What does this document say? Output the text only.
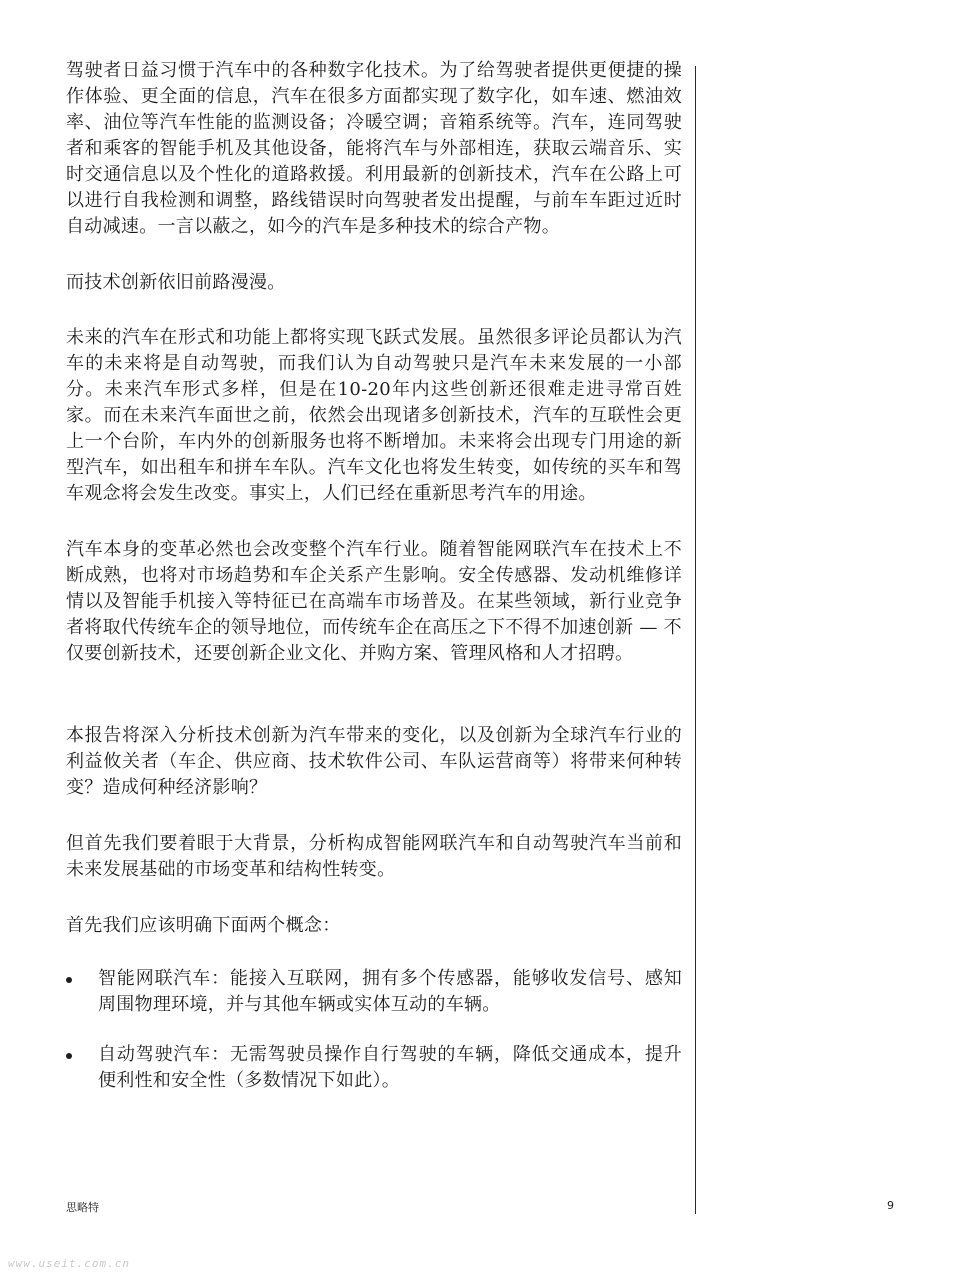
驾驶者日益习惯于汽车中的各种数字化技术。为了给驾驶者提供更便捷的操作体验、更全面的信息，汽车在很多方面都实现了数字化，如车速、燃油效率、油位等汽车性能的监测设备；冷暖空调；音箱系统等。汽车，连同驾驶者和乘客的智能手机及其他设备，能将汽车与外部相连，获取云端音乐、实时交通信息以及个性化的道路救援。利用最新的创新技术，汽车在公路上可以进行自我检测和调整，路线错误时向驾驶者发出提醒，与前车车距过近时自动减速。一言以蔽之，如今的汽车是多种技术的综合产物。

而技术创新依旧前路漫漫。

未来的汽车在形式和功能上都将实现飞跃式发展。虽然很多评论员都认为汽车的未来将是自动驾驶，而我们认为自动驾驶只是汽车未来发展的一小部分。未来汽车形式多样，但是在10-20年内这些创新还很难走进寻常百姓家。而在未来汽车面世之前，依然会出现诸多创新技术，汽车的互联性会更上一个台阶，车内外的创新服务也将不断增加。未来将会出现专门用途的新型汽车，如出租车和拼车车队。汽车文化也将发生转变，如传统的买车和驾车观念将会发生改变。事实上，人们已经在重新思考汽车的用途。

汽车本身的变革必然也会改变整个汽车行业。随着智能网联汽车在技术上不断成熟，也将对市场趋势和车企关系产生影响。安全传感器、发动机维修详情以及智能手机接入等特征已在高端车市场普及。在某些领域，新行业竞争者将取代传统车企的领导地位，而传统车企在高压之下不得不加速创新 — 不仅要创新技术，还要创新企业文化、并购方案、管理风格和人才招聘。

本报告将深入分析技术创新为汽车带来的变化，以及创新为全球汽车行业的利益攸关者（车企、供应商、技术软件公司、车队运营商等）将带来何种转变？造成何种经济影响？

但首先我们要着眼于大背景，分析构成智能网联汽车和自动驾驶汽车当前和未来发展基础的市场变革和结构性转变。

首先我们应该明确下面两个概念：

智能网联汽车：能接入互联网，拥有多个传感器，能够收发信号、感知周围物理环境，并与其他车辆或实体互动的车辆。
自动驾驶汽车：无需驾驶员操作自行驾驶的车辆，降低交通成本，提升便利性和安全性（多数情况下如此）。
思略特	9
www.useit.com.cn
